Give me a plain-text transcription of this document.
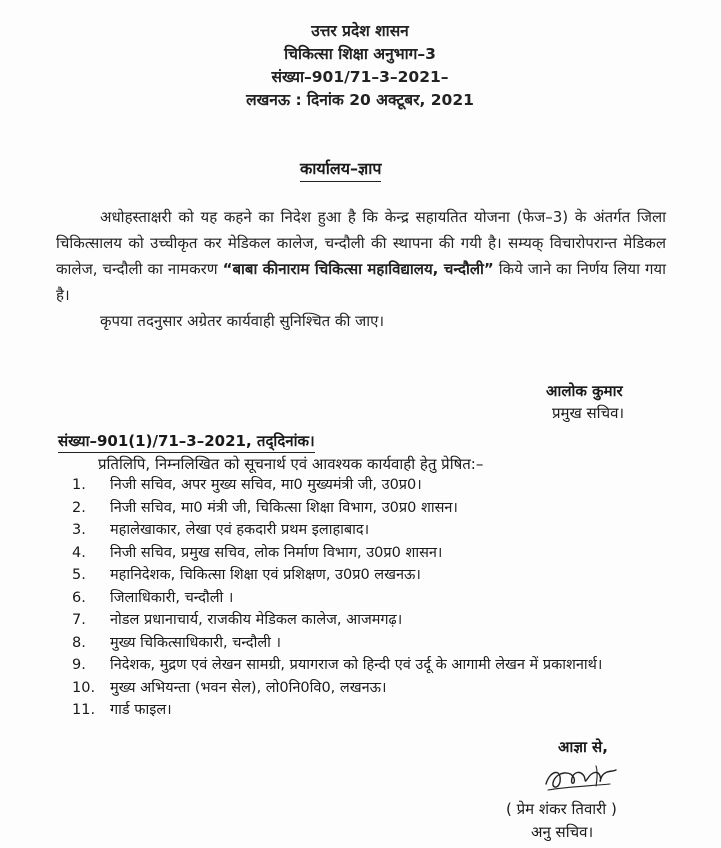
उत्तर प्रदेश शासन
चिकित्सा शिक्षा अनुभाग–3
संख्या–901/71–3–2021–
लखनऊ : दिनांक 20 अक्टूबर, 2021
कार्यालय–ज्ञाप
अधोहस्ताक्षरी को यह कहने का निदेश हुआ है कि केन्द्र सहायतित योजना (फेज–3) के अंतर्गत जिला चिकित्सालय को उच्चीकृत कर मेडिकल कालेज, चन्दौली की स्थापना की गयी है। सम्यक् विचारोपरान्त मेडिकल कालेज, चन्दौली का नामकरण “बाबा कीनाराम चिकित्सा महाविद्यालय, चन्दौली” किये जाने का निर्णय लिया गया है।
कृपया तदनुसार अग्रेतर कार्यवाही सुनिश्चित की जाए।
आलोक कुमार
प्रमुख सचिव।
संख्या–901(1)/71–3–2021, तद्‌दिनांक।
प्रतिलिपि, निम्नलिखित को सूचनार्थ एवं आवश्यक कार्यवाही हेतु प्रेषित:–
1.	निजी सचिव, अपर मुख्य सचिव, मा0 मुख्यमंत्री जी, उ0प्र0।
2.	निजी सचिव, मा0 मंत्री जी, चिकित्सा शिक्षा विभाग, उ0प्र0 शासन।
3.	महालेखाकार, लेखा एवं हकदारी प्रथम इलाहाबाद।
4.	निजी सचिव, प्रमुख सचिव, लोक निर्माण विभाग, उ0प्र0 शासन।
5.	महानिदेशक, चिकित्सा शिक्षा एवं प्रशिक्षण, उ0प्र0 लखनऊ।
6.	जिलाधिकारी, चन्दौली ।
7.	नोडल प्रधानाचार्य, राजकीय मेडिकल कालेज, आजमगढ़।
8.	मुख्य चिकित्साधिकारी, चन्दौली ।
9.	निदेशक, मुद्रण एवं लेखन सामग्री, प्रयागराज को हिन्दी एवं उर्दू के आगामी लेखन में प्रकाशनार्थ।
10.	मुख्य अभियन्ता (भवन सेल), लो0नि0वि0, लखनऊ।
11.	गार्ड फाइल।
आज्ञा से,
( प्रेम शंकर तिवारी )
अनु सचिव।
